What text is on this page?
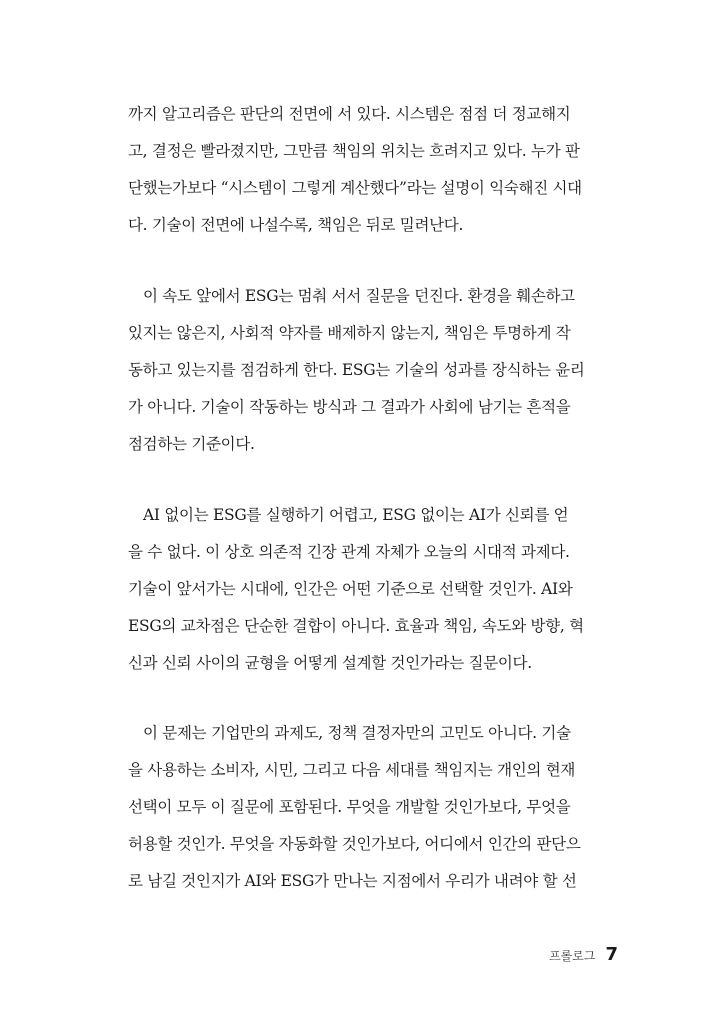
까지 알고리즘은 판단의 전면에 서 있다. 시스템은 점점 더 정교해지
고, 결정은 빨라졌지만, 그만큼 책임의 위치는 흐려지고 있다. 누가 판
단했는가보다 “시스템이 그렇게 계산했다”라는 설명이 익숙해진 시대
다. 기술이 전면에 나설수록, 책임은 뒤로 밀려난다.
이 속도 앞에서 ESG는 멈춰 서서 질문을 던진다. 환경을 훼손하고
있지는 않은지, 사회적 약자를 배제하지 않는지, 책임은 투명하게 작
동하고 있는지를 점검하게 한다. ESG는 기술의 성과를 장식하는 윤리
가 아니다. 기술이 작동하는 방식과 그 결과가 사회에 남기는 흔적을
점검하는 기준이다.
AI 없이는 ESG를 실행하기 어렵고, ESG 없이는 AI가 신뢰를 얻
을 수 없다. 이 상호 의존적 긴장 관계 자체가 오늘의 시대적 과제다.
기술이 앞서가는 시대에, 인간은 어떤 기준으로 선택할 것인가. AI와
ESG의 교차점은 단순한 결합이 아니다. 효율과 책임, 속도와 방향, 혁
신과 신뢰 사이의 균형을 어떻게 설계할 것인가라는 질문이다.
이 문제는 기업만의 과제도, 정책 결정자만의 고민도 아니다. 기술
을 사용하는 소비자, 시민, 그리고 다음 세대를 책임지는 개인의 현재
선택이 모두 이 질문에 포함된다. 무엇을 개발할 것인가보다, 무엇을
허용할 것인가. 무엇을 자동화할 것인가보다, 어디에서 인간의 판단으
로 남길 것인지가 AI와 ESG가 만나는 지점에서 우리가 내려야 할 선
프롤로그 7
